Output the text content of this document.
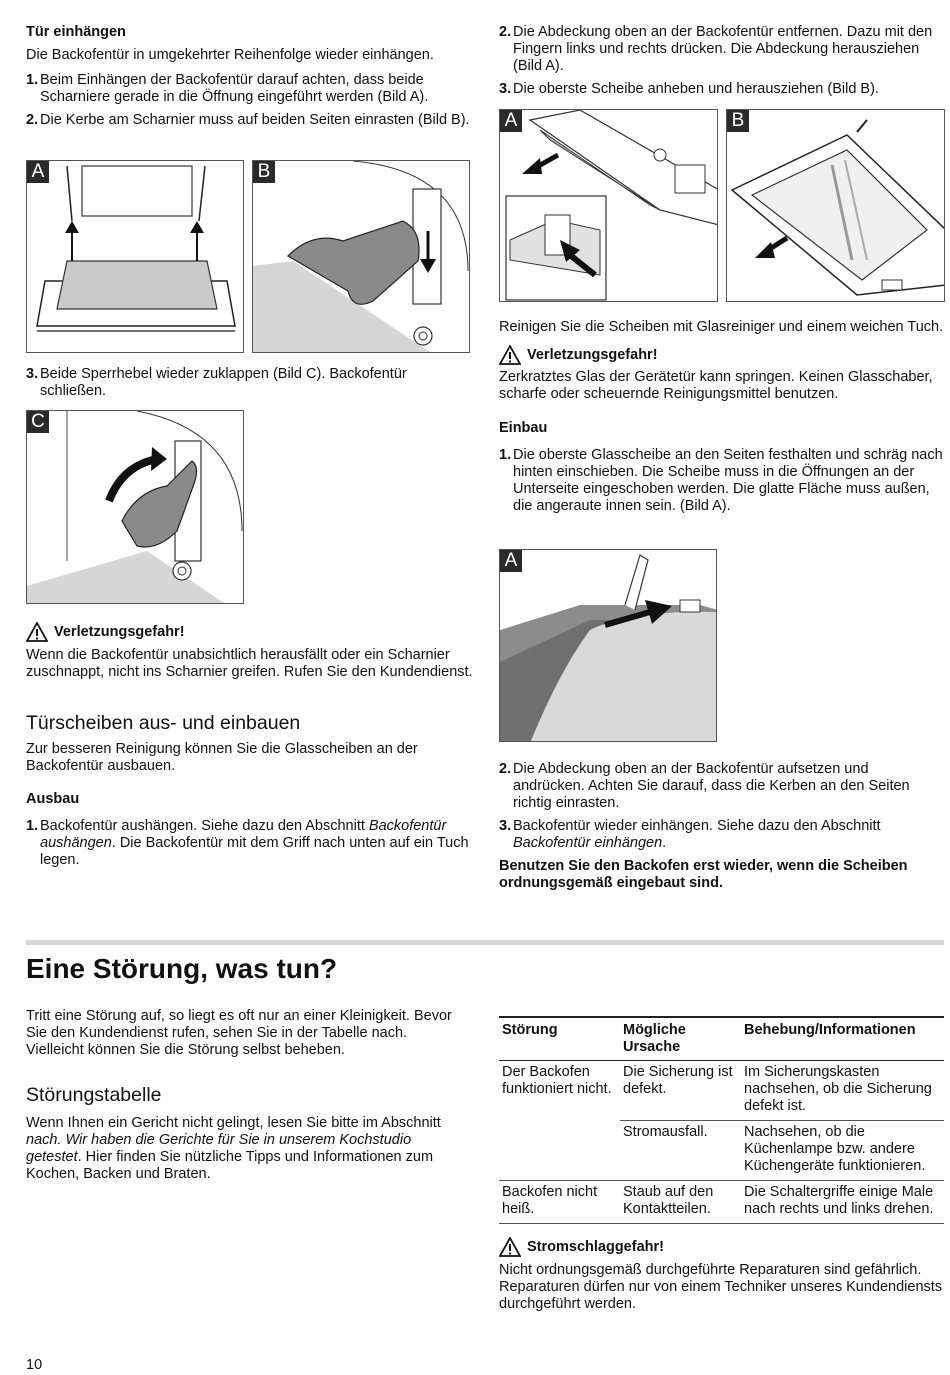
Tür einhängen

Die Backofentür in umgekehrter Reihenfolge wieder einhängen.

1. Beim Einhängen der Backofentür darauf achten, dass beide Scharniere gerade in die Öffnung eingeführt werden (Bild A).
2. Die Kerbe am Scharnier muss auf beiden Seiten einrasten (Bild B).
A	B
3. Beide Sperrhebel wieder zuklappen (Bild C). Backofentür schließen.
C
Verletzungsgefahr!

Wenn die Backofentür unabsichtlich herausfällt oder ein Scharnier zuschnappt, nicht ins Scharnier greifen. Rufen Sie den Kundendienst.

Türscheiben aus- und einbauen

Zur besseren Reinigung können Sie die Glasscheiben an der Backofentür ausbauen.

Ausbau

1. Backofentür aushängen. Siehe dazu den Abschnitt Backofentür aushängen. Die Backofentür mit dem Griff nach unten auf ein Tuch legen.
2. Die Abdeckung oben an der Backofentür entfernen. Dazu mit den Fingern links und rechts drücken. Die Abdeckung herausziehen (Bild A).
3. Die oberste Scheibe anheben und herausziehen (Bild B).
A	B

Reinigen Sie die Scheiben mit Glasreiniger und einem weichen Tuch.

Verletzungsgefahr!

Zerkratztes Glas der Gerätetür kann springen. Keinen Glasschaber, scharfe oder scheuernde Reinigungsmittel benutzen.

Einbau

1. Die oberste Glasscheibe an den Seiten festhalten und schräg nach hinten einschieben. Die Scheibe muss in die Öffnungen an der Unterseite eingeschoben werden. Die glatte Fläche muss außen, die angeraute innen sein. (Bild A).
A
2. Die Abdeckung oben an der Backofentür aufsetzen und andrücken. Achten Sie darauf, dass die Kerben an den Seiten richtig einrasten.
3. Backofentür wieder einhängen. Siehe dazu den Abschnitt Backofentür einhängen.

Benutzen Sie den Backofen erst wieder, wenn die Scheiben ordnungsgemäß eingebaut sind.

Eine Störung, was tun?

Tritt eine Störung auf, so liegt es oft nur an einer Kleinigkeit. Bevor Sie den Kundendienst rufen, sehen Sie in der Tabelle nach. Vielleicht können Sie die Störung selbst beheben.

Störungstabelle

Wenn Ihnen ein Gericht nicht gelingt, lesen Sie bitte im Abschnitt nach. Wir haben die Gerichte für Sie in unserem Kochstudio getestet. Hier finden Sie nützliche Tipps und Informationen zum Kochen, Backen und Braten.

Störung	Mögliche Ursache	Behebung/Informationen
Der Backofen funktioniert nicht.	Die Sicherung ist defekt.	Im Sicherungskasten nachsehen, ob die Sicherung defekt ist.
	Stromausfall.	Nachsehen, ob die Küchenlampe bzw. andere Küchengeräte funktionieren.
Backofen nicht heiß.	Staub auf den Kontaktteilen.	Die Schaltergriffe einige Male nach rechts und links drehen.
Stromschlaggefahr!

Nicht ordnungsgemäß durchgeführte Reparaturen sind gefährlich. Reparaturen dürfen nur von einem Techniker unseres Kundendiensts durchgeführt werden.

10
